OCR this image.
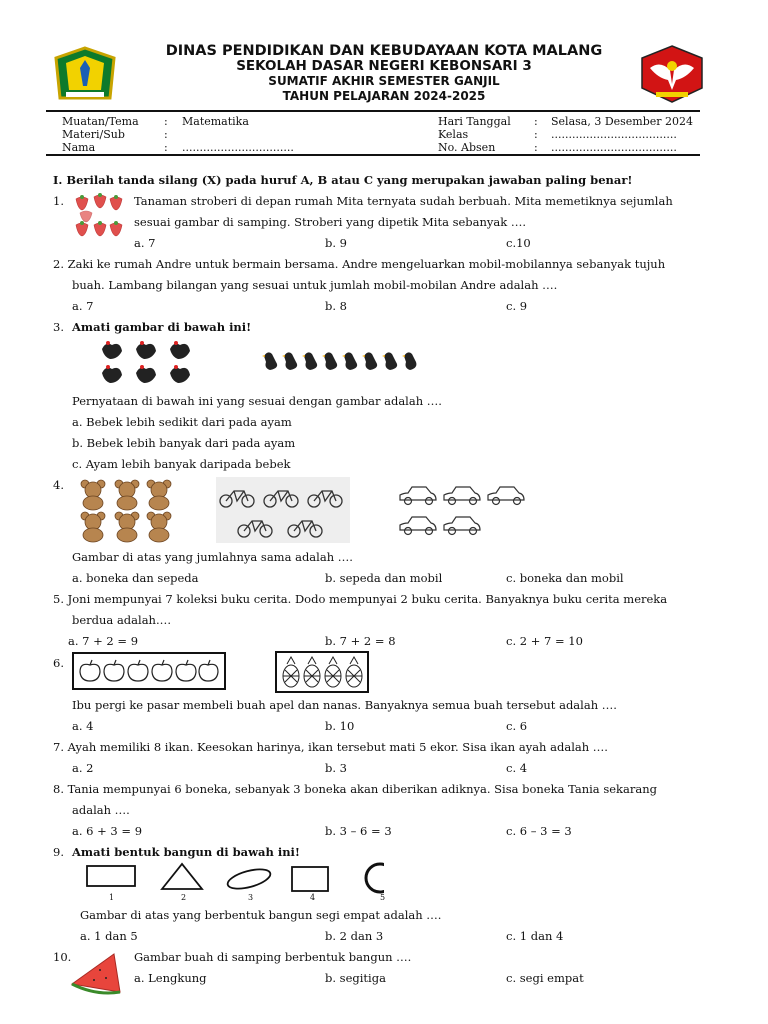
DINAS PENDIDIKAN DAN KEBUDAYAAN KOTA MALANG
SEKOLAH DASAR NEGERI KEBONSARI 3
SUMATIF AKHIR SEMESTER GANJIL
TAHUN PELAJARAN 2024-2025
Muatan/Tema : Matematika
Materi/Sub	:
Nama	: ................................
Hari Tanggal : Selasa, 3 Desember 2024
Kelas	: ....................................
No. Absen	: ....................................
I. Berilah tanda silang (X) pada huruf A, B atau C yang merupakan jawaban paling benar!
1.	Tanaman stroberi di depan rumah Mita ternyata sudah berbuah. Mita memetiknya sejumlah
sesuai gambar di samping. Stroberi yang dipetik Mita sebanyak ….
a. 7	b. 9	c.10
2. Zaki ke rumah Andre untuk bermain bersama. Andre mengeluarkan mobil-mobilannya sebanyak tujuh
buah. Lambang bilangan yang sesuai untuk jumlah mobil-mobilan Andre adalah ….
a. 7	b. 8	c. 9
3. Amati gambar di bawah ini!
Pernyataan di bawah ini yang sesuai dengan gambar adalah ….
a. Bebek lebih sedikit dari pada ayam
b. Bebek lebih banyak dari pada ayam
c. Ayam lebih banyak daripada bebek
4.
Gambar di atas yang jumlahnya sama adalah ….
a. boneka dan sepeda	b. sepeda dan mobil	c. boneka dan mobil
5. Joni mempunyai 7 koleksi buku cerita. Dodo mempunyai 2 buku cerita. Banyaknya buku cerita mereka
berdua adalah.…
a. 7 + 2 = 9	b. 7 + 2 = 8	c. 2 + 7 = 10
6.
Ibu pergi ke pasar membeli buah apel dan nanas. Banyaknya semua buah tersebut adalah ….
a. 4	b. 10	c. 6
7. Ayah memiliki 8 ikan. Keesokan harinya, ikan tersebut mati 5 ekor. Sisa ikan ayah adalah ….
a. 2	b. 3	c. 4
8. Tania mempunyai 6 boneka, sebanyak 3 boneka akan diberikan adiknya. Sisa boneka Tania sekarang
adalah ….
a. 6 + 3 = 9	b. 3 – 6 = 3	c. 6 – 3 = 3
9. Amati bentuk bangun di bawah ini!
1	2	3	4	5
Gambar di atas yang berbentuk bangun segi empat adalah ….
a. 1 dan 5	b. 2 dan 3	c. 1 dan 4
10.	Gambar buah di samping berbentuk bangun ….
a. Lengkung	b. segitiga	c. segi empat
